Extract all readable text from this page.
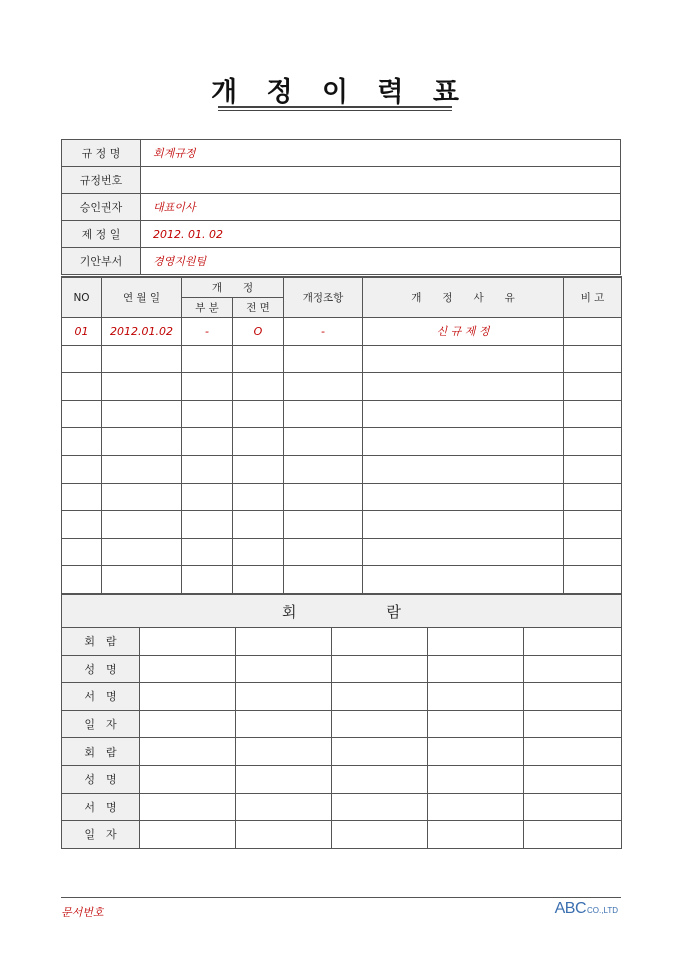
개 정 이 력 표
규 정 명	회계규정
규정번호	
승인권자	대표이사
제 정 일	2012. 01. 02
기안부서	경영지원팀
NO	연 월 일	개　　정		개정조항	개　　정　　사　　유	비 고
		부 분	전 면			
01	2012.01.02	-	O	-	신 규 제 정	

회　　　　　　람					
회　람					
성　명					
서　명					
일　자					
회　람					
성　명					
서　명					
일　자					
문서번호	ABCCO.,LTD
